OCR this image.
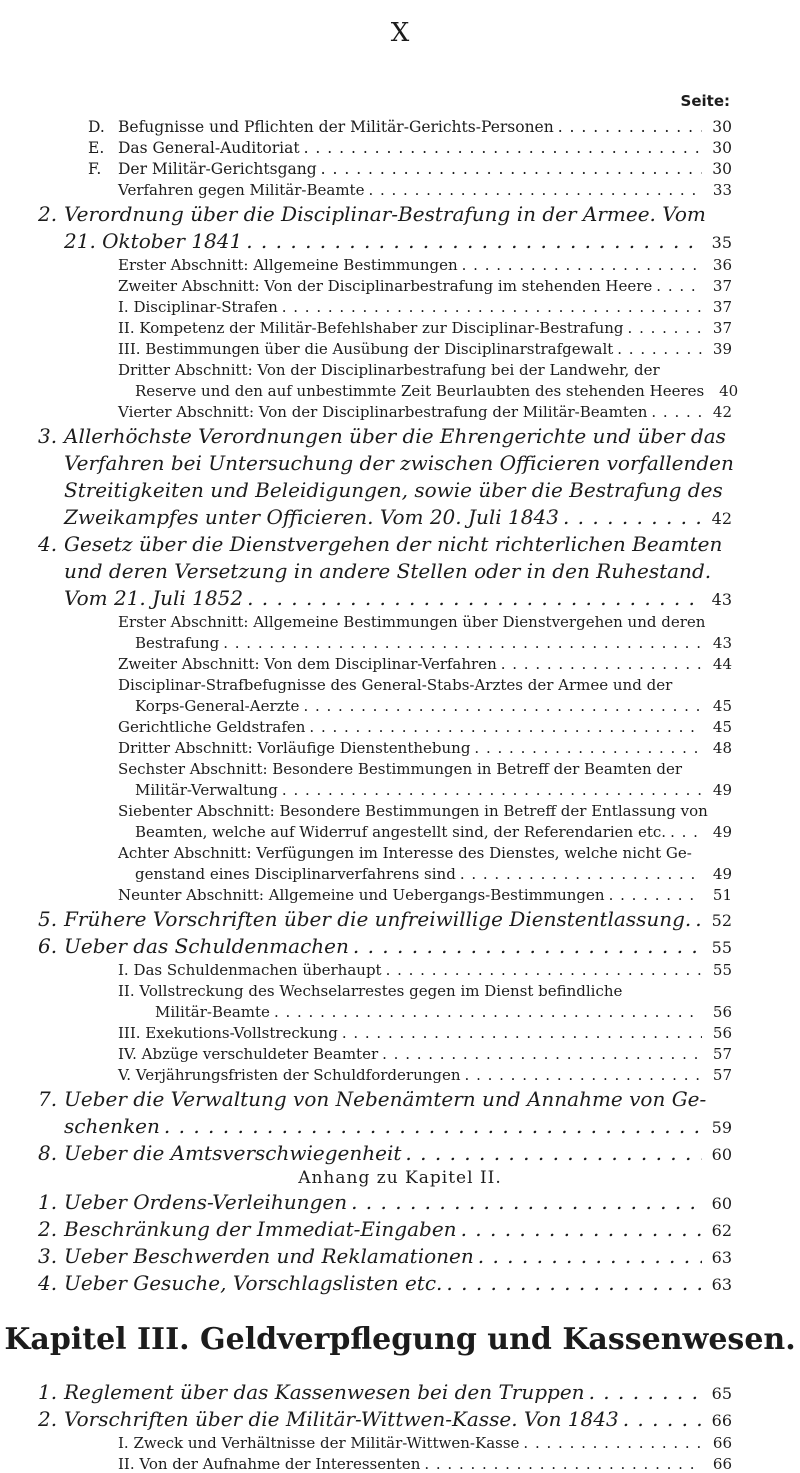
X
Seite:
D. Befugnisse und Pflichten der Militär-Gerichts-Personen . . .	30
E. Das General-Auditoriat . . .	30
F. Der Militär-Gerichtsgang . . .	30
Verfahren gegen Militär-Beamte . . .	33
2. Verordnung über die Disciplinar-Bestrafung in der Armee. Vom
21. Oktober 1841 . . .	35
Erster Abschnitt: Allgemeine Bestimmungen . . .	36
Zweiter Abschnitt: Von der Disciplinarbestrafung im stehenden Heere . . .	37
I. Disciplinar-Strafen . . .	37
II. Kompetenz der Militär-Befehlshaber zur Disciplinar-Bestrafung . . .	37
III. Bestimmungen über die Ausübung der Disciplinarstrafgewalt . . .	39
Dritter Abschnitt: Von der Disciplinarbestrafung bei der Landwehr, der
Reserve und den auf unbestimmte Zeit Beurlaubten des stehenden Heeres 40
Vierter Abschnitt: Von der Disciplinarbestrafung der Militär-Beamten . . .	42
3. Allerhöchste Verordnungen über die Ehrengerichte und über das
Verfahren bei Untersuchung der zwischen Officieren vorfallenden
Streitigkeiten und Beleidigungen, sowie über die Bestrafung des
Zweikampfes unter Officieren. Vom 20. Juli 1843 . . .	42
4. Gesetz über die Dienstvergehen der nicht richterlichen Beamten
und deren Versetzung in andere Stellen oder in den Ruhestand.
Vom 21. Juli 1852 . . .	43
Erster Abschnitt: Allgemeine Bestimmungen über Dienstvergehen und deren
Bestrafung . . .	43
Zweiter Abschnitt: Von dem Disciplinar-Verfahren . . .	44
Disciplinar-Strafbefugnisse des General-Stabs-Arztes der Armee und der
Korps-General-Aerzte . . .	45
Gerichtliche Geldstrafen . . .	45
Dritter Abschnitt: Vorläufige Dienstenthebung . . .	48
Sechster Abschnitt: Besondere Bestimmungen in Betreff der Beamten der
Militär-Verwaltung . . .	49
Siebenter Abschnitt: Besondere Bestimmungen in Betreff der Entlassung von
Beamten, welche auf Widerruf angestellt sind, der Referendarien etc. . . .	49
Achter Abschnitt: Verfügungen im Interesse des Dienstes, welche nicht Ge-
genstand eines Disciplinarverfahrens sind . . .	49
Neunter Abschnitt: Allgemeine und Uebergangs-Bestimmungen . . .	51
5. Frühere Vorschriften über die unfreiwillige Dienstentlassung. . . .	52
6. Ueber das Schuldenmachen . . .	55
I. Das Schuldenmachen überhaupt . . .	55
II. Vollstreckung des Wechselarrestes gegen im Dienst befindliche
Militär-Beamte . . .	56
III. Exekutions-Vollstreckung . . .	56
IV. Abzüge verschuldeter Beamter . . .	57
V. Verjährungsfristen der Schuldforderungen . . .	57
7. Ueber die Verwaltung von Nebenämtern und Annahme von Ge-
schenken . . .	59
8. Ueber die Amtsverschwiegenheit . . .	60
Anhang zu Kapitel II.
1. Ueber Ordens-Verleihungen . . .	60
2. Beschränkung der Immediat-Eingaben . . .	62
3. Ueber Beschwerden und Reklamationen . . .	63
4. Ueber Gesuche, Vorschlagslisten etc. . . .	63
Kapitel III. Geldverpflegung und Kassenwesen.
1. Reglement über das Kassenwesen bei den Truppen . . .	65
2. Vorschriften über die Militär-Wittwen-Kasse. Von 1843 . . .	66
I. Zweck und Verhältnisse der Militär-Wittwen-Kasse . . .	66
II. Von der Aufnahme der Interessenten . . .	66
